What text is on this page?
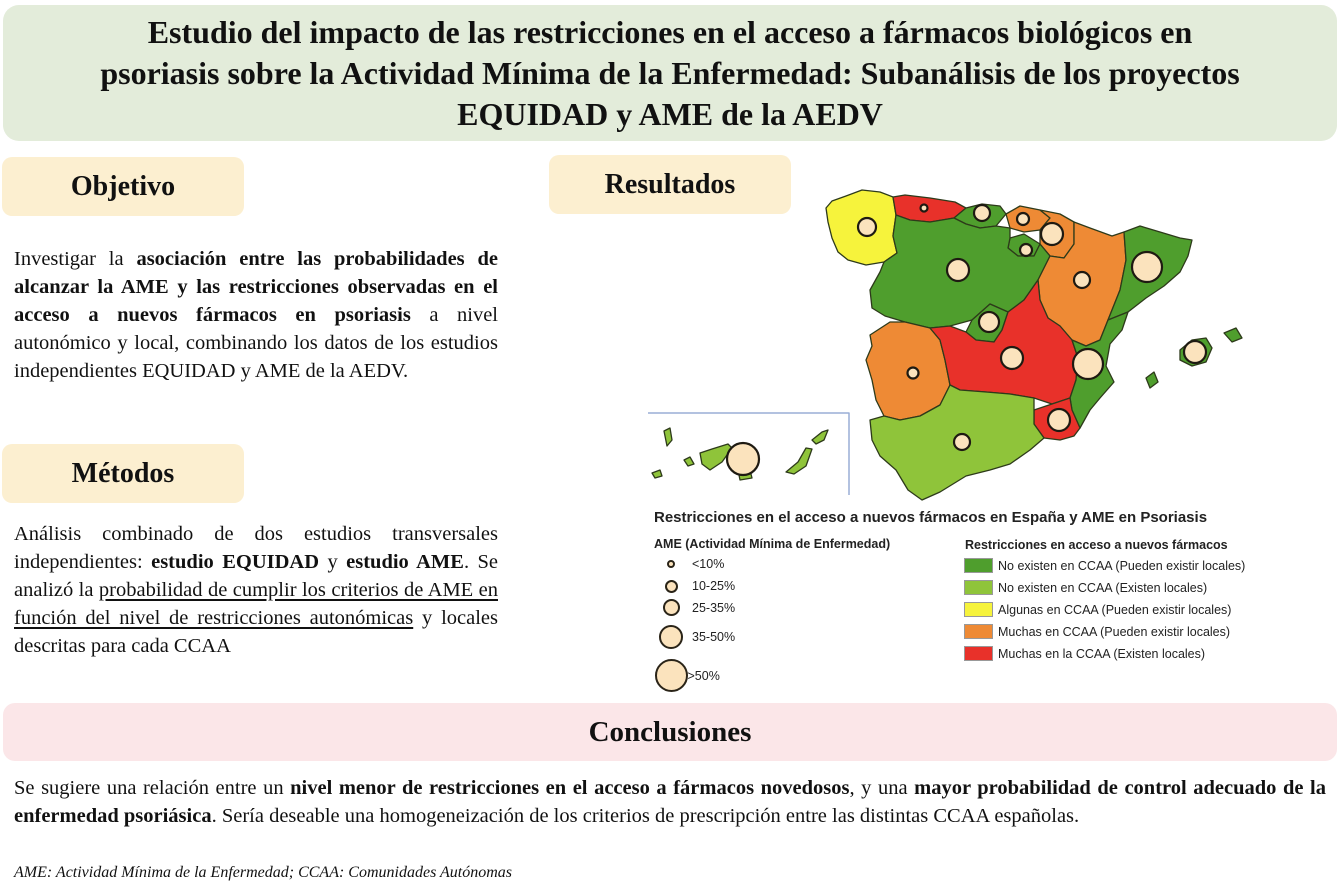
Estudio del impacto de las restricciones en el acceso a fármacos biológicos en
psoriasis sobre la Actividad Mínima de la Enfermedad: Subanálisis de los proyectos
EQUIDAD y AME de la AEDV
Objetivo

Investigar la asociación entre las probabilidades de alcanzar la AME y las restricciones observadas en el acceso a nuevos fármacos en psoriasis a nivel autonómico y local, combinando los datos de los estudios independientes EQUIDAD y AME de la AEDV.

Métodos

Análisis combinado de dos estudios transversales independientes: estudio EQUIDAD y estudio AME. Se analizó la probabilidad de cumplir los criterios de AME en función del nivel de restricciones autonómicas y locales descritas para cada CCAA

Resultados
Restricciones en el acceso a nuevos fármacos en España y AME en Psoriasis
AME (Actividad Mínima de Enfermedad)	Restricciones en acceso a nuevos fármacos
<10%
10-25%
25-35%
35-50%
>50%
No existen en CCAA (Pueden existir locales)
No existen en CCAA (Existen locales)
Algunas en CCAA (Pueden existir locales)
Muchas en CCAA (Pueden existir locales)
Muchas en la CCAA (Existen locales)
Conclusiones

Se sugiere una relación entre un nivel menor de restricciones en el acceso a fármacos novedosos, y una mayor probabilidad de control adecuado de la enfermedad psoriásica. Sería deseable una homogeneización de los criterios de prescripción entre las distintas CCAA españolas.

AME: Actividad Mínima de la Enfermedad; CCAA: Comunidades Autónomas
